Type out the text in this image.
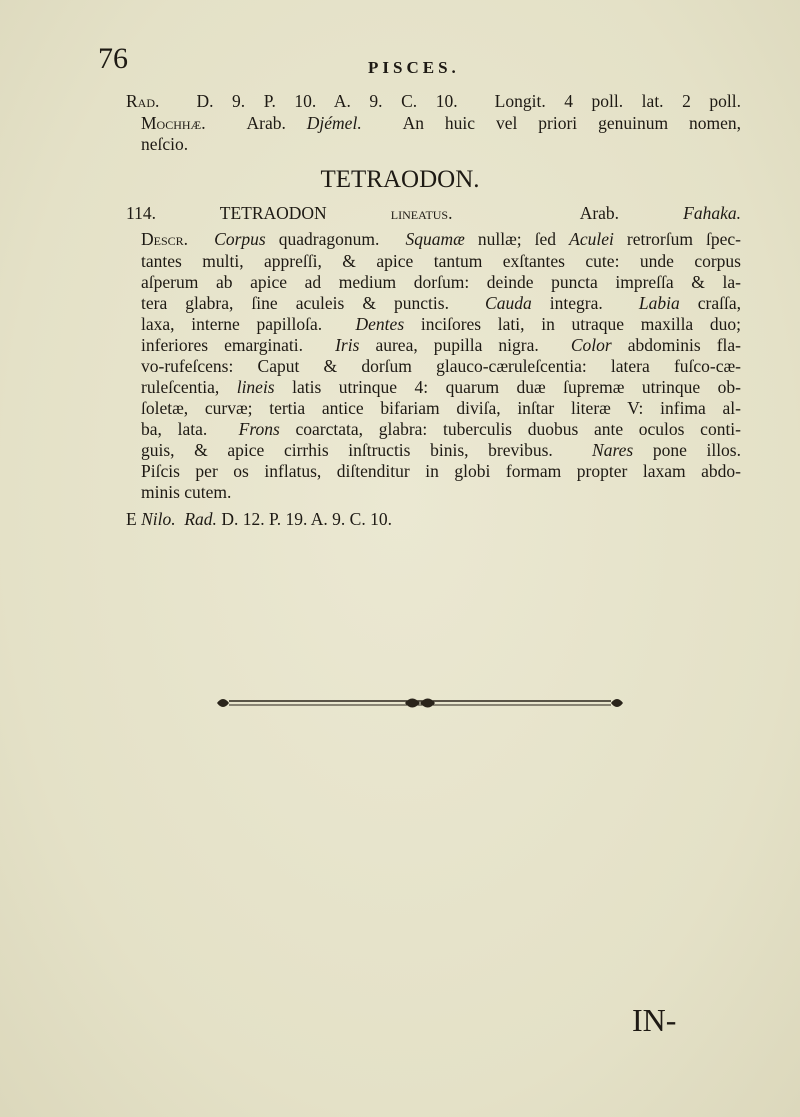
76	PISCES.
TETRAODON.
Rad.  D. 9. P. 10. A. 9. C. 10.  Longit. 4 poll. lat. 2 poll.
Mochhæ.  Arab. Djémel.  An huic vel priori genuinum nomen,
neſcio.
114. TETRAODON lineatus.  Arab. Fahaka.
Descr. Corpus quadragonum.  Squamæ nullæ; ſed Aculei retrorſum ſpec-
tantes multi, appreſſi, & apice tantum exſtantes cute: unde corpus
aſperum ab apice ad medium dorſum: deinde puncta impreſſa & la-
tera glabra, ſine aculeis & punctis.  Cauda integra.  Labia craſſa,
laxa, interne papilloſa.  Dentes inciſores lati, in utraque maxilla duo;
inferiores emarginati.  Iris aurea, pupilla nigra.  Color abdominis fla-
vo-rufeſcens: Caput & dorſum glauco-cæruleſcentia: latera fuſco-cæ-
ruleſcentia, lineis latis utrinque 4: quarum duæ ſupremæ utrinque ob-
ſoletæ, curvæ; tertia antice bifariam diviſa, inſtar literæ V: infima al-
ba, lata.  Frons coarctata, glabra: tuberculis duobus ante oculos conti-
guis, & apice cirrhis inſtructis binis, brevibus.  Nares pone illos.
Piſcis per os inflatus, diſtenditur in globi formam propter laxam abdo-
minis cutem.
E Nilo. Rad. D. 12. P. 19. A. 9. C. 10.
IN-
